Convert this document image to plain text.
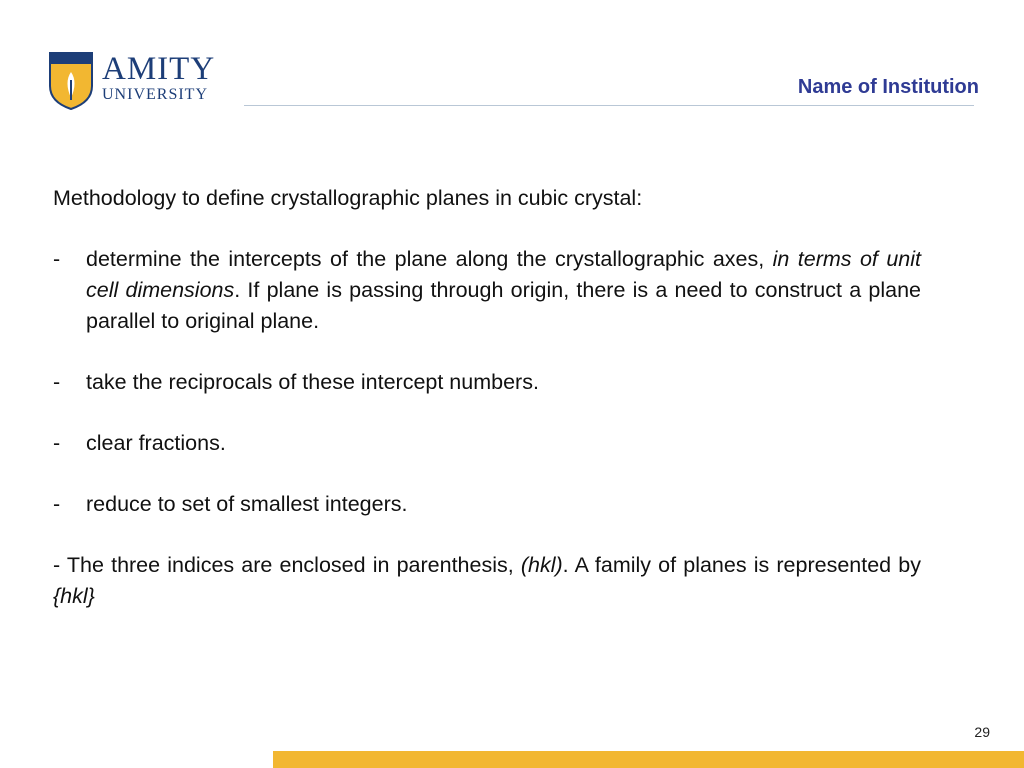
AMITY
UNIVERSITY	Name of Institution

Methodology to define crystallographic planes in cubic crystal:

-	determine the intercepts of the plane along the crystallographic axes, in terms of unit cell dimensions. If plane is passing through origin, there is a need to construct a plane parallel to original plane.
-	take the reciprocals of these intercept numbers.
-	clear fractions.
-	reduce to set of smallest integers.

- The three indices are enclosed in parenthesis, (hkl). A family of planes is represented by {hkl}

29
